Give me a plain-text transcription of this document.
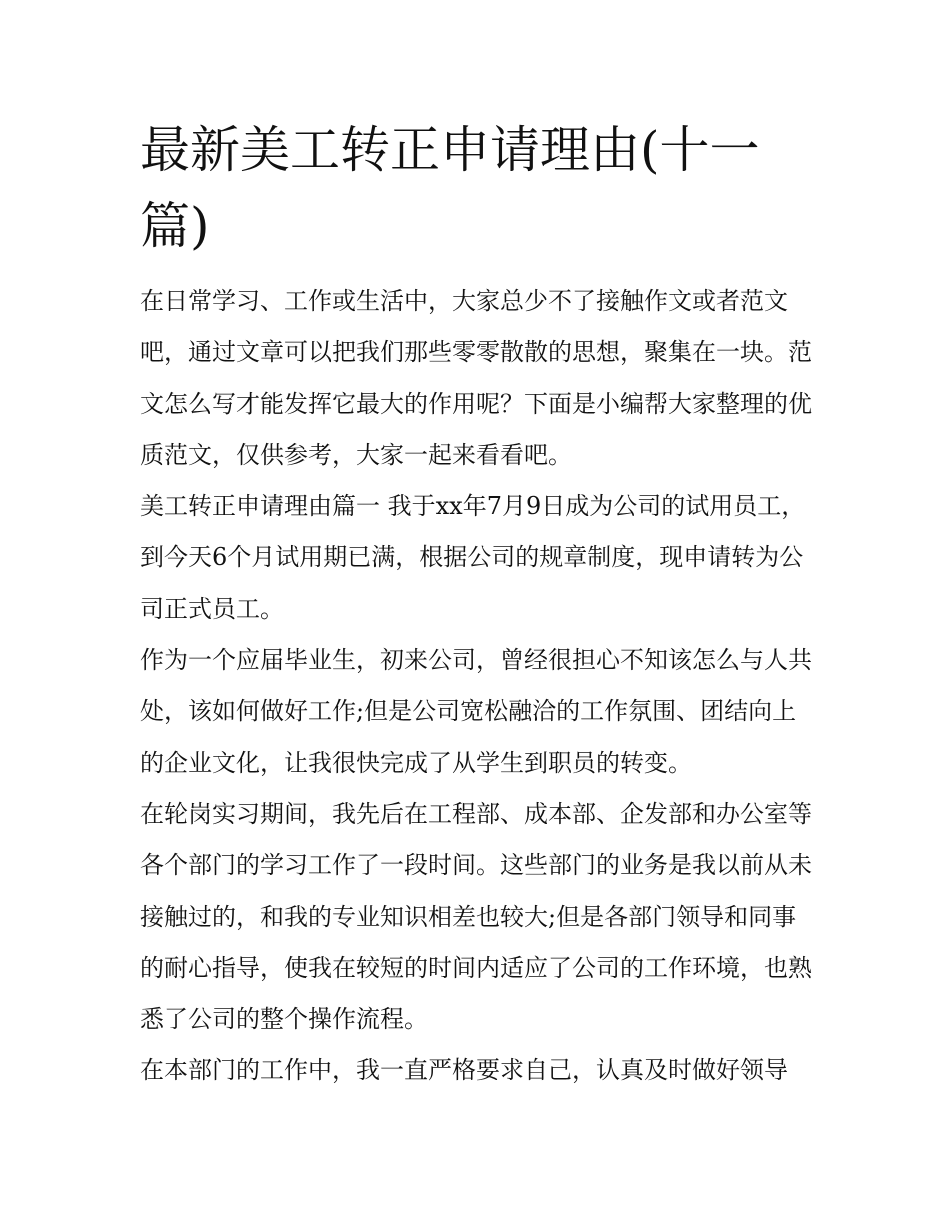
最新美工转正申请理由(十一篇)

在日常学习、工作或生活中，大家总少不了接触作文或者范文吧，通过文章可以把我们那些零零散散的思想，聚集在一块。范文怎么写才能发挥它最大的作用呢？下面是小编帮大家整理的优质范文，仅供参考，大家一起来看看吧。

美工转正申请理由篇一 我于xx年7月9日成为公司的试用员工，到今天6个月试用期已满，根据公司的规章制度，现申请转为公司正式员工。

作为一个应届毕业生，初来公司，曾经很担心不知该怎么与人共处，该如何做好工作;但是公司宽松融洽的工作氛围、团结向上的企业文化，让我很快完成了从学生到职员的转变。

在轮岗实习期间，我先后在工程部、成本部、企发部和办公室等各个部门的学习工作了一段时间。这些部门的业务是我以前从未接触过的，和我的专业知识相差也较大;但是各部门领导和同事的耐心指导，使我在较短的时间内适应了公司的工作环境，也熟悉了公司的整个操作流程。

在本部门的工作中，我一直严格要求自己，认真及时做好领导
